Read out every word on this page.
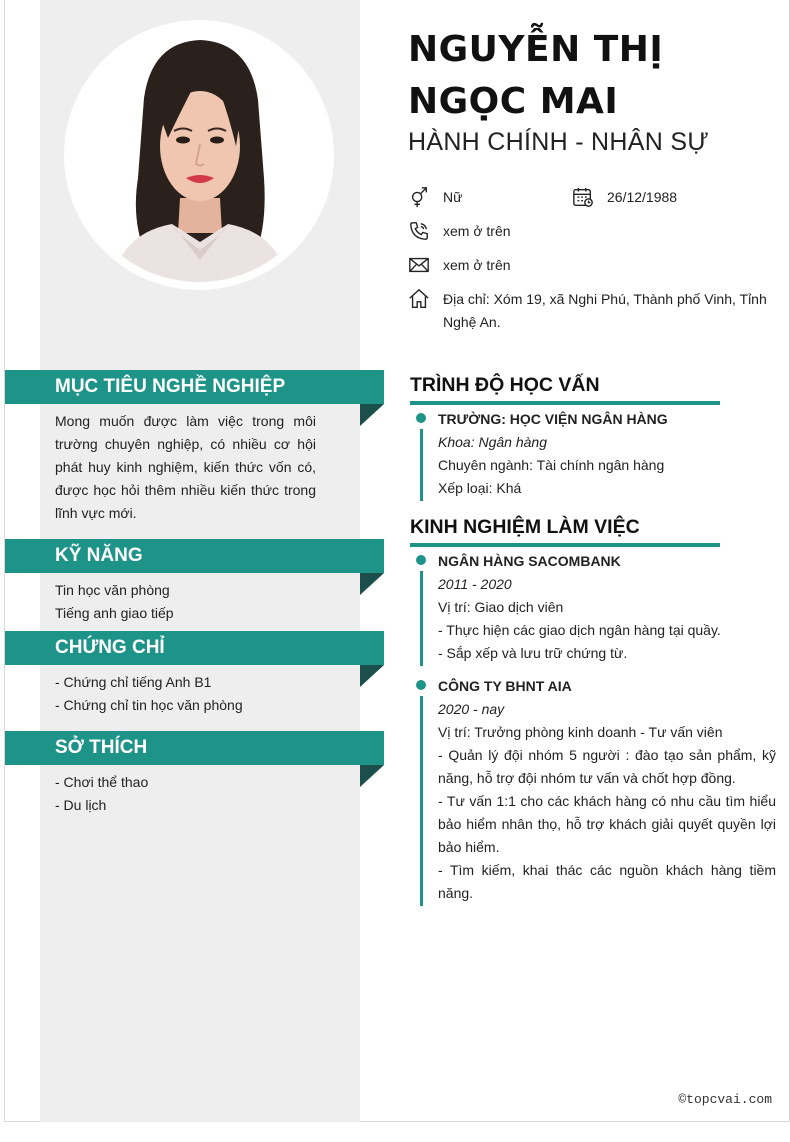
NGUYỄN THỊ NGỌC MAI
HÀNH CHÍNH - NHÂN SỰ
Nữ	26/12/1988
xem ở trên
xem ở trên
Địa chỉ: Xóm 19, xã Nghi Phú, Thành phố Vinh, Tỉnh Nghệ An.
MỤC TIÊU NGHỀ NGHIỆP
Mong muốn được làm việc trong môi trường chuyên nghiệp, có nhiều cơ hội phát huy kinh nghiệm, kiến thức vốn có, được học hỏi thêm nhiều kiến thức trong lĩnh vực mới.
KỸ NĂNG
Tin học văn phòng
Tiếng anh giao tiếp
CHỨNG CHỈ
- Chứng chỉ tiếng Anh B1
- Chứng chỉ tin học văn phòng
SỞ THÍCH
- Chơi thể thao
- Du lịch
TRÌNH ĐỘ HỌC VẤN
TRƯỜNG: HỌC VIỆN NGÂN HÀNG
Khoa: Ngân hàng
Chuyên ngành: Tài chính ngân hàng
Xếp loại: Khá
KINH NGHIỆM LÀM VIỆC
NGÂN HÀNG SACOMBANK
2011 - 2020
Vị trí: Giao dịch viên
- Thực hiện các giao dịch ngân hàng tại quầy.
- Sắp xếp và lưu trữ chứng từ.
CÔNG TY BHNT AIA
2020 - nay
Vị trí: Trưởng phòng kinh doanh - Tư vấn viên
- Quản lý đội nhóm 5 người : đào tạo sản phẩm, kỹ năng, hỗ trợ đội nhóm tư vấn và chốt hợp đồng.
- Tư vấn 1:1 cho các khách hàng có nhu cầu tìm hiểu bảo hiểm nhân thọ, hỗ trợ khách giải quyết quyền lợi bảo hiểm.
- Tìm kiếm, khai thác các nguồn khách hàng tiềm năng.
©topcvai.com
